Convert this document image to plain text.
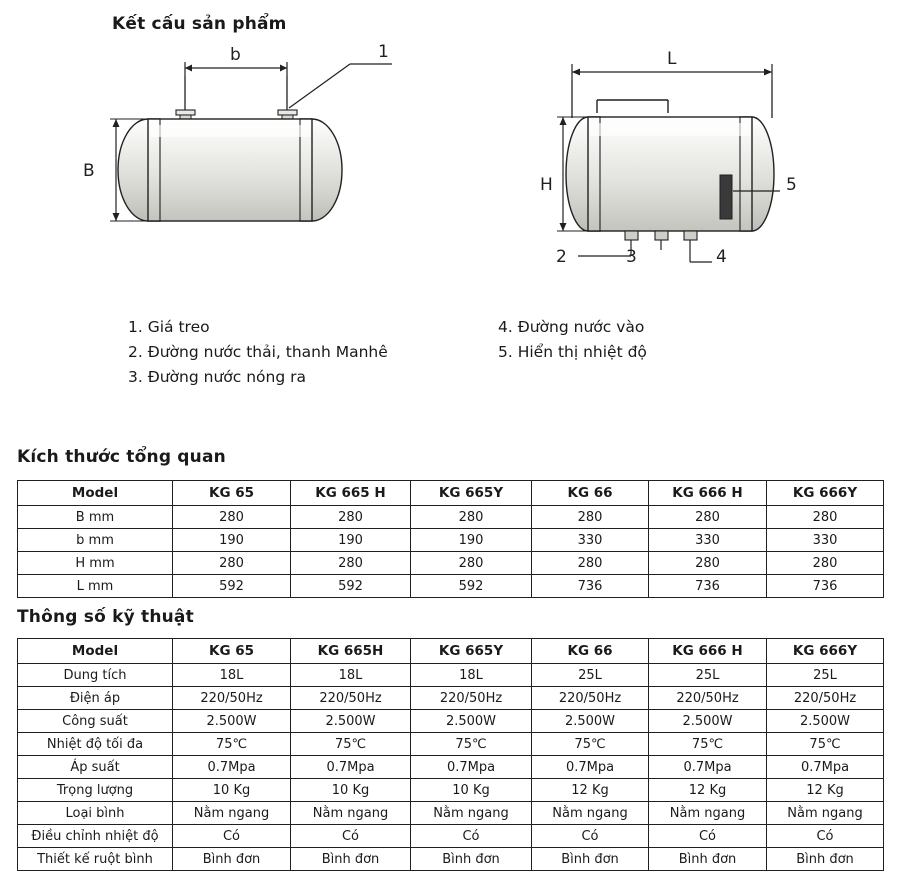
Kết cấu sản phẩm
b	1
B
L
5
H
2	3	4
1. Giá treo
2. Đường nước thải, thanh Manhê
3. Đường nước nóng ra
4. Đường nước vào
5. Hiển thị nhiệt độ
Kích thước tổng quan
Model	KG 65	KG 665 H	KG 665Y	KG 66	KG 666 H	KG 666Y
B mm	280	280	280	280	280	280
b mm	190	190	190	330	330	330
H mm	280	280	280	280	280	280
L mm	592	592	592	736	736	736
Thông số kỹ thuật
Model	KG 65	KG 665H	KG 665Y	KG 66	KG 666 H	KG 666Y
Dung tích	18L	18L	18L	25L	25L	25L
Điện áp	220/50Hz	220/50Hz	220/50Hz	220/50Hz	220/50Hz	220/50Hz
Công suất	2.500W	2.500W	2.500W	2.500W	2.500W	2.500W
Nhiệt độ tối đa	75℃	75℃	75℃	75℃	75℃	75℃
Áp suất	0.7Mpa	0.7Mpa	0.7Mpa	0.7Mpa	0.7Mpa	0.7Mpa
Trọng lượng	10 Kg	10 Kg	10 Kg	12 Kg	12 Kg	12 Kg
Loại bình	Nằm ngang	Nằm ngang	Nằm ngang	Nằm ngang	Nằm ngang	Nằm ngang
Điều chỉnh nhiệt độ	Có	Có	Có	Có	Có	Có
Thiết kế ruột bình	Bình đơn	Bình đơn	Bình đơn	Bình đơn	Bình đơn	Bình đơn
